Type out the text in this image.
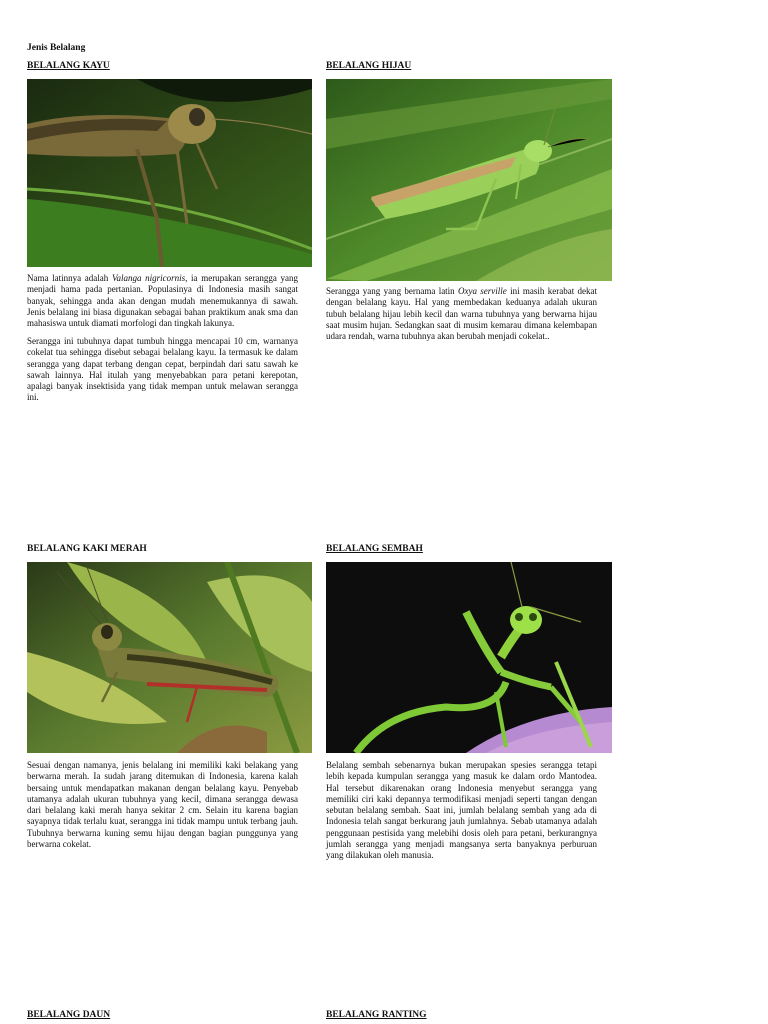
Jenis Belalang
BELALANG KAYU

Nama latinnya adalah Valanga nigricornis, ia merupakan serangga yang menjadi hama pada pertanian. Populasinya di Indonesia masih sangat banyak, sehingga anda akan dengan mudah menemukannya di sawah. Jenis belalang ini biasa digunakan sebagai bahan praktikum anak sma dan mahasiswa untuk diamati morfologi dan tingkah lakunya.

Serangga ini tubuhnya dapat tumbuh hingga mencapai 10 cm, warnanya cokelat tua sehingga disebut sebagai belalang kayu. Ia termasuk ke dalam serangga yang dapat terbang dengan cepat, berpindah dari satu sawah ke sawah lainnya. Hal itulah yang menyebabkan para petani kerepotan, apalagi banyak insektisida yang tidak mempan untuk melawan serangga ini.

BELALANG HIJAU

Serangga yang yang bernama latin Oxya serville ini masih kerabat dekat dengan belalang kayu. Hal yang membedakan keduanya adalah ukuran tubuh belalang hijau lebih kecil dan warna tubuhnya yang berwarna hijau saat musim hujan. Sedangkan saat di musim kemarau dimana kelembapan udara rendah, warna tubuhnya akan berubah menjadi cokelat..

BELALANG KAKI MERAH

Sesuai dengan namanya, jenis belalang ini memiliki kaki belakang yang berwarna merah. Ia sudah jarang ditemukan di Indonesia, karena kalah bersaing untuk mendapatkan makanan dengan belalang kayu. Penyebab utamanya adalah ukuran tubuhnya yang kecil, dimana serangga dewasa dari belalang kaki merah hanya sekitar 2 cm. Selain itu karena bagian sayapnya tidak terlalu kuat, serangga ini tidak mampu untuk terbang jauh. Tubuhnya berwarna kuning semu hijau dengan bagian punggunya yang berwarna cokelat.

BELALANG SEMBAH

Belalang sembah sebenarnya bukan merupakan spesies serangga tetapi lebih kepada kumpulan serangga yang masuk ke dalam ordo Mantodea. Hal tersebut dikarenakan orang Indonesia menyebut serangga yang memiliki ciri kaki depannya termodifikasi menjadi seperti tangan dengan sebutan belalang sembah. Saat ini, jumlah belalang sembah yang ada di Indonesia telah sangat berkurang jauh jumlahnya. Sebab utamanya adalah penggunaan pestisida yang melebihi dosis oleh para petani, berkurangnya jumlah serangga yang menjadi mangsanya serta banyaknya perburuan yang dilakukan oleh manusia.

BELALANG DAUN	BELALANG RANTING
